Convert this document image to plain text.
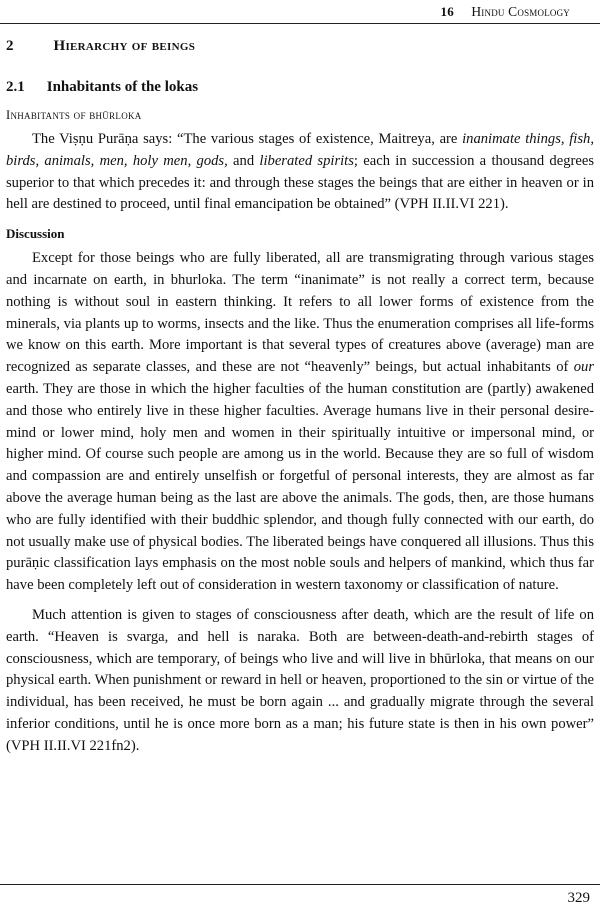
16 Hindu Cosmology
2	Hierarchy of beings
2.1 Inhabitants of the lokas
Inhabitants of bhūrloka

The Viṣṇu Purāṇa says: “The various stages of existence, Maitreya, are inanimate things, fish, birds, animals, men, holy men, gods, and liberated spirits; each in succession a thousand degrees superior to that which precedes it: and through these stages the beings that are either in heaven or in hell are destined to proceed, until final emancipation be obtained” (VPH II.II.VI 221).

Discussion

Except for those beings who are fully liberated, all are transmigrating through various stages and incarnate on earth, in bhurloka. The term “inanimate” is not really a correct term, because nothing is without soul in eastern thinking. It refers to all lower forms of existence from the minerals, via plants up to worms, insects and the like. Thus the enumeration comprises all life-forms we know on this earth. More important is that several types of creatures above (average) man are recognized as separate classes, and these are not “heavenly” beings, but actual inhabitants of our earth. They are those in which the higher faculties of the human constitution are (partly) awakened and those who entirely live in these higher faculties. Average humans live in their personal desire-mind or lower mind, holy men and women in their spiritually intuitive or impersonal mind, or higher mind. Of course such people are among us in the world. Because they are so full of wisdom and compassion are and entirely unselfish or forgetful of personal interests, they are almost as far above the average human being as the last are above the animals. The gods, then, are those humans who are fully identified with their buddhic splendor, and though fully connected with our earth, do not usually make use of physical bodies. The liberated beings have conquered all illusions. Thus this purāṇic classification lays emphasis on the most noble souls and helpers of mankind, which thus far have been completely left out of consideration in western taxonomy or classification of nature.

Much attention is given to stages of consciousness after death, which are the result of life on earth. “Heaven is svarga, and hell is naraka. Both are between-death-and-rebirth stages of consciousness, which are temporary, of beings who live and will live in bhūrloka, that means on our physical earth. When punishment or reward in hell or heaven, proportioned to the sin or virtue of the individual, has been received, he must be born again ... and gradually migrate through the several inferior conditions, until he is once more born as a man; his future state is then in his own power” (VPH II.II.VI 221fn2).

329
